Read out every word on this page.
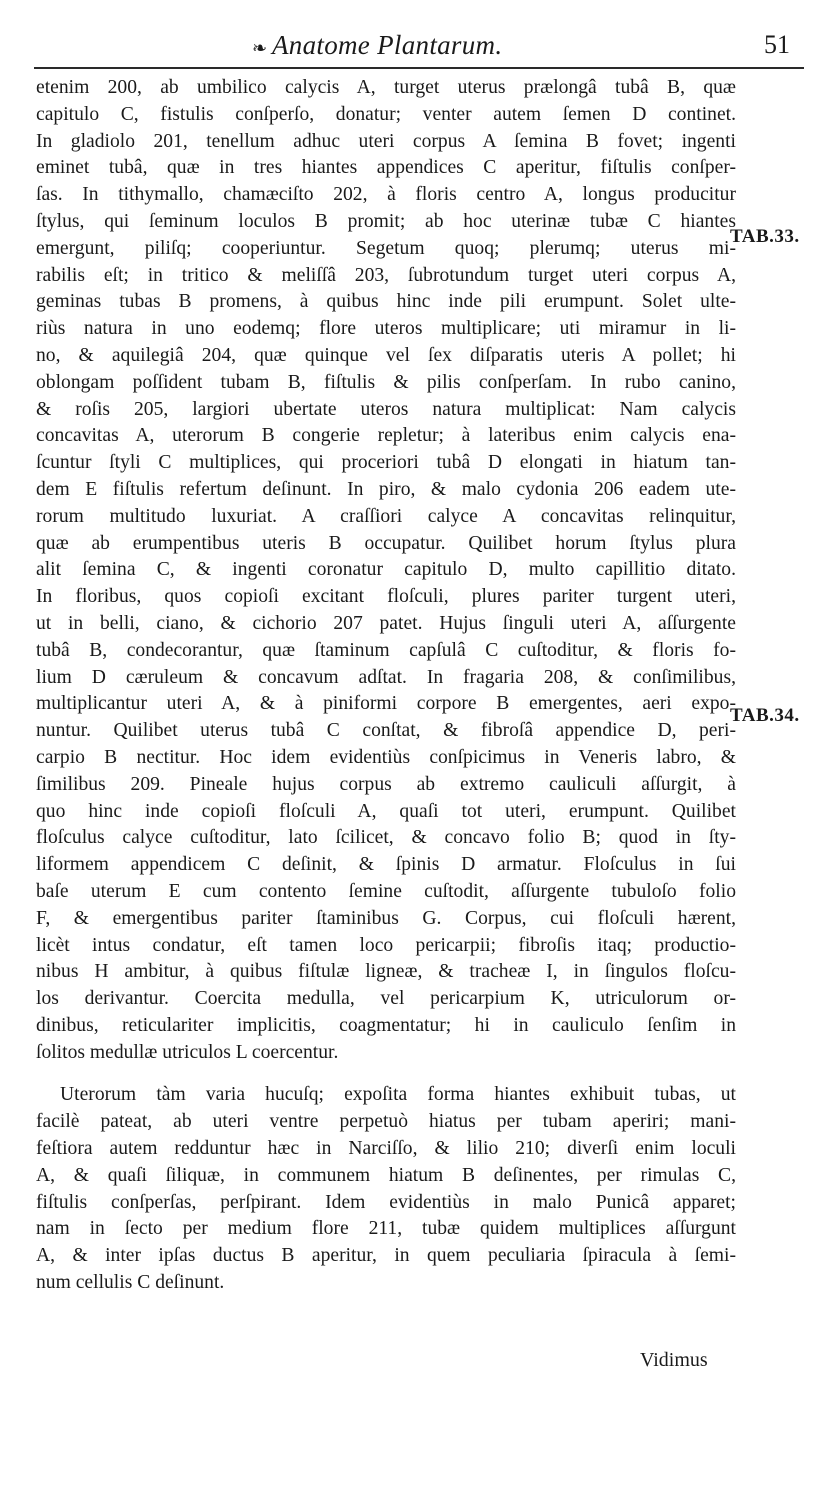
❧ Anatome Plantarum.	51
etenim 200, ab umbilico calycis A, turget uterus prælongâ tubâ B, quæ
capitulo C, fistulis conſperſo, donatur; venter autem ſemen D continet.
In gladiolo 201, tenellum adhuc uteri corpus A ſemina B fovet; ingenti
eminet tubâ, quæ in tres hiantes appendices C aperitur, fiſtulis conſper-
ſas. In tithymallo, chamæciſto 202, à floris centro A, longus producitur
ſtylus, qui ſeminum loculos B promit; ab hoc uterinæ tubæ C hiantes
emergunt, piliſq; cooperiuntur. Segetum quoq; plerumq; uterus mi-
rabilis eſt; in tritico & meliſſâ 203, ſubrotundum turget uteri corpus A,
geminas tubas B promens, à quibus hinc inde pili erumpunt. Solet ulte-
riùs natura in uno eodemq; flore uteros multiplicare; uti miramur in li-
no, & aquilegiâ 204, quæ quinque vel ſex diſparatis uteris A pollet; hi
oblongam poſſident tubam B, fiſtulis & pilis conſperſam. In rubo canino,
& roſis 205, largiori ubertate uteros natura multiplicat: Nam calycis
concavitas A, uterorum B congerie repletur; à lateribus enim calycis ena-
ſcuntur ſtyli C multiplices, qui proceriori tubâ D elongati in hiatum tan-
dem E fiſtulis refertum deſinunt. In piro, & malo cydonia 206 eadem ute-
rorum multitudo luxuriat. A craſſiori calyce A concavitas relinquitur,
quæ ab erumpentibus uteris B occupatur. Quilibet horum ſtylus plura
alit ſemina C, & ingenti coronatur capitulo D, multo capillitio ditato.
In floribus, quos copioſi excitant floſculi, plures pariter turgent uteri,
ut in belli, ciano, & cichorio 207 patet. Hujus ſinguli uteri A, aſſurgente
tubâ B, condecorantur, quæ ſtaminum capſulâ C cuſtoditur, & floris fo-
lium D cæruleum & concavum adſtat. In fragaria 208, & conſimilibus,
multiplicantur uteri A, & à piniformi corpore B emergentes, aeri expo-
nuntur. Quilibet uterus tubâ C conſtat, & fibroſâ appendice D, peri-
carpio B nectitur. Hoc idem evidentiùs conſpicimus in Veneris labro, &
ſimilibus 209. Pineale hujus corpus ab extremo cauliculi aſſurgit, à
quo hinc inde copioſi floſculi A, quaſi tot uteri, erumpunt. Quilibet
floſculus calyce cuſtoditur, lato ſcilicet, & concavo folio B; quod in ſty-
liformem appendicem C deſinit, & ſpinis D armatur. Floſculus in ſui
baſe uterum E cum contento ſemine cuſtodit, aſſurgente tubuloſo folio
F, & emergentibus pariter ſtaminibus G. Corpus, cui floſculi hærent,
licèt intus condatur, eſt tamen loco pericarpii; fibroſis itaq; productio-
nibus H ambitur, à quibus fiſtulæ ligneæ, & tracheæ I, in ſingulos floſcu-
los derivantur. Coercita medulla, vel pericarpium K, utriculorum or-
dinibus, reticulariter implicitis, coagmentatur; hi in cauliculo ſenſim in
ſolitos medullæ utriculos L coercentur.
Uterorum tàm varia hucuſq; expoſita forma hiantes exhibuit tubas, ut
facilè pateat, ab uteri ventre perpetuò hiatus per tubam aperiri; mani-
feſtiora autem redduntur hæc in Narciſſo, & lilio 210; diverſi enim loculi
A, & quaſi ſiliquæ, in communem hiatum B deſinentes, per rimulas C,
fiſtulis conſperſas, perſpirant. Idem evidentiùs in malo Punicâ apparet;
nam in ſecto per medium flore 211, tubæ quidem multiplices aſſurgunt
A, & inter ipſas ductus B aperitur, in quem peculiaria ſpiracula à ſemi-
num cellulis C deſinunt.
TAB.33.
TAB.34.
Vidimus
